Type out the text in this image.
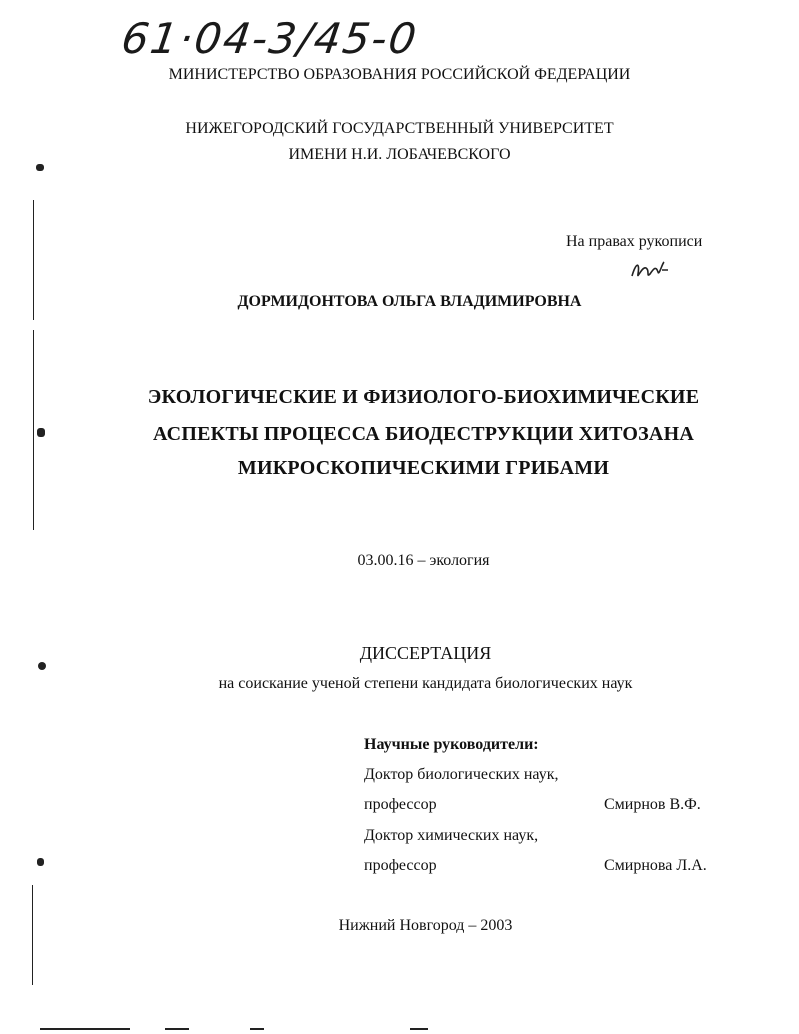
61·04-3/45-0
МИНИСТЕРСТВО ОБРАЗОВАНИЯ РОССИЙСКОЙ ФЕДЕРАЦИИ
НИЖЕГОРОДСКИЙ ГОСУДАРСТВЕННЫЙ УНИВЕРСИТЕТ
ИМЕНИ Н.И. ЛОБАЧЕВСКОГО
На правах рукописи
ДОРМИДОНТОВА ОЛЬГА ВЛАДИМИРОВНА
ЭКОЛОГИЧЕСКИЕ И ФИЗИОЛОГО-БИОХИМИЧЕСКИЕ
АСПЕКТЫ ПРОЦЕССА БИОДЕСТРУКЦИИ ХИТОЗАНА
МИКРОСКОПИЧЕСКИМИ ГРИБАМИ
03.00.16 – экология
ДИССЕРТАЦИЯ
на соискание ученой степени кандидата биологических наук
Научные руководители:
Доктор биологических наук,
профессор	Смирнов В.Ф.
Доктор химических наук,
профессор	Смирнова Л.А.
Нижний Новгород – 2003
